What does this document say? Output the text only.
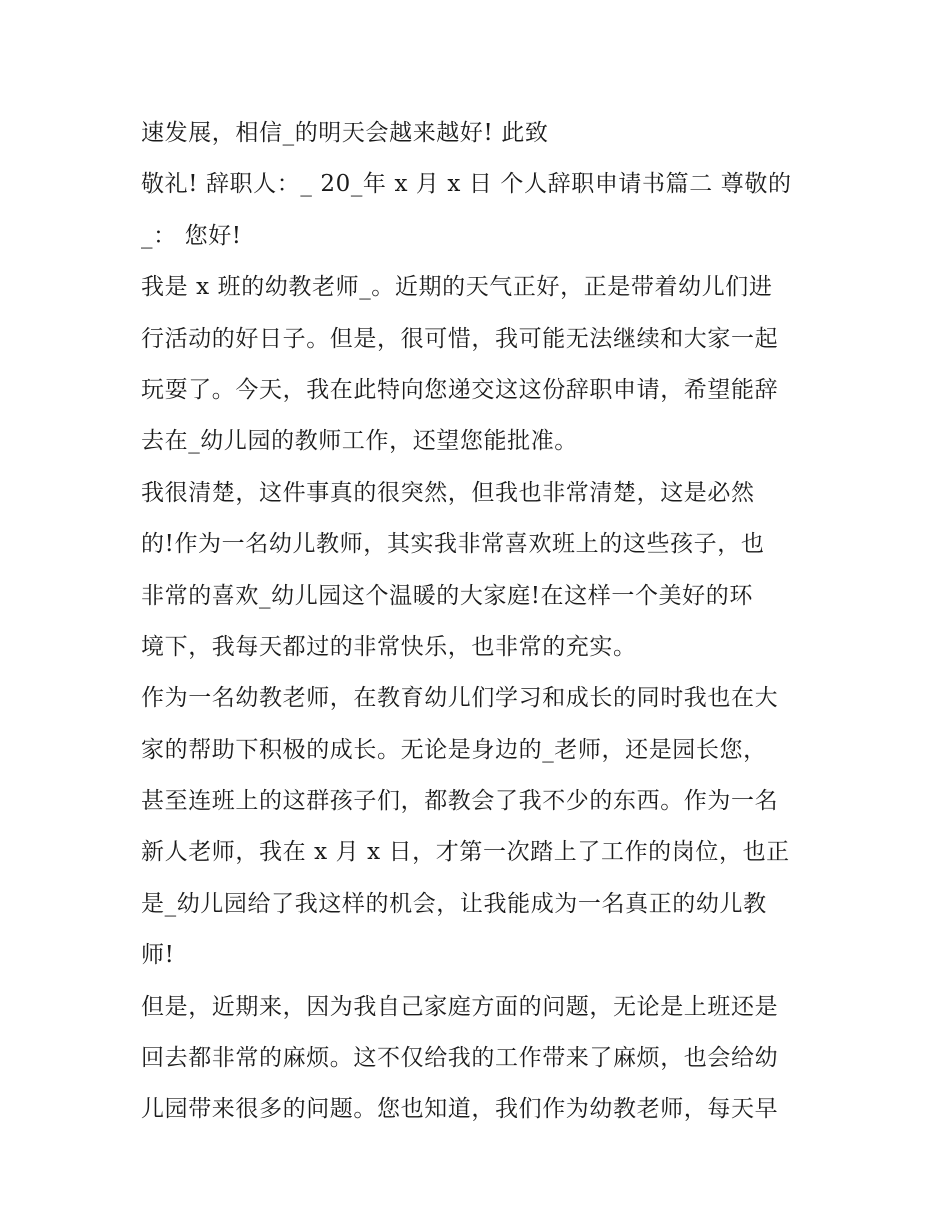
速发展，相信_的明天会越来越好! 此致
敬礼! 辞职人：_ 20_年 x 月 x 日 个人辞职申请书篇二 尊敬的
_： 您好!
我是 x 班的幼教老师_。近期的天气正好，正是带着幼儿们进
行活动的好日子。但是，很可惜，我可能无法继续和大家一起
玩耍了。今天，我在此特向您递交这这份辞职申请，希望能辞
去在_幼儿园的教师工作，还望您能批准。
我很清楚，这件事真的很突然，但我也非常清楚，这是必然
的!作为一名幼儿教师，其实我非常喜欢班上的这些孩子，也
非常的喜欢_幼儿园这个温暖的大家庭!在这样一个美好的环
境下，我每天都过的非常快乐，也非常的充实。
作为一名幼教老师，在教育幼儿们学习和成长的同时我也在大
家的帮助下积极的成长。无论是身边的_老师，还是园长您，
甚至连班上的这群孩子们，都教会了我不少的东西。作为一名
新人老师，我在 x 月 x 日，才第一次踏上了工作的岗位，也正
是_幼儿园给了我这样的机会，让我能成为一名真正的幼儿教
师!
但是，近期来，因为我自己家庭方面的问题，无论是上班还是
回去都非常的麻烦。这不仅给我的工作带来了麻烦，也会给幼
儿园带来很多的问题。您也知道，我们作为幼教老师，每天早
